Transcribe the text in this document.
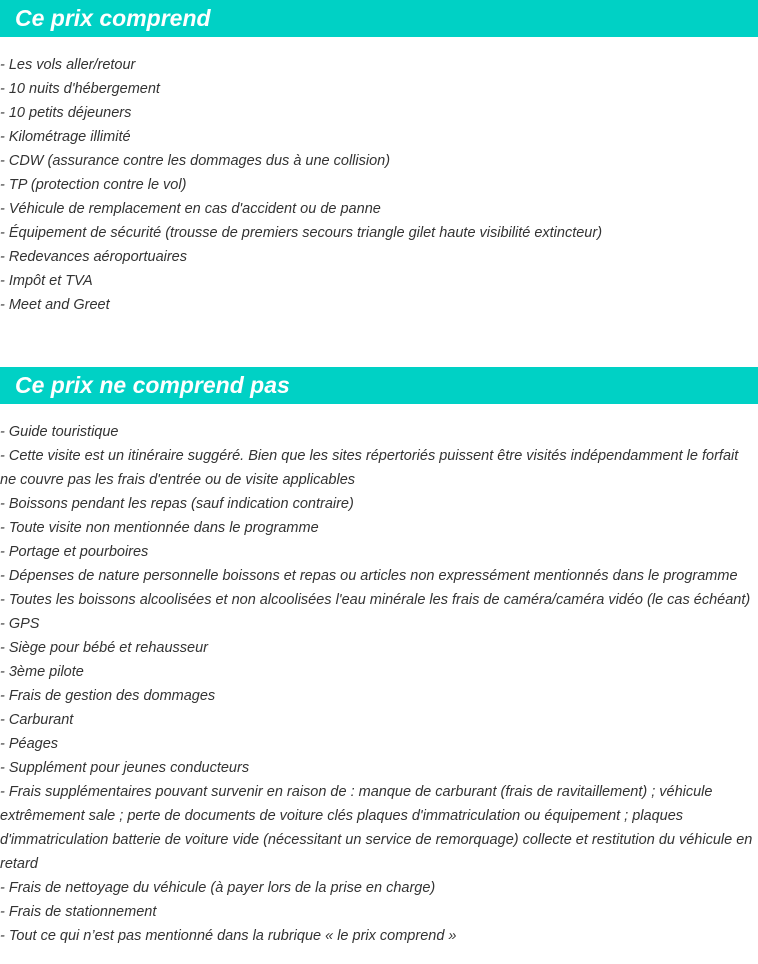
Ce prix comprend
- Les vols aller/retour
- 10 nuits d'hébergement
- 10 petits déjeuners
- Kilométrage illimité
- CDW (assurance contre les dommages dus à une collision)
- TP (protection contre le vol)
- Véhicule de remplacement en cas d'accident ou de panne
- Équipement de sécurité (trousse de premiers secours triangle gilet haute visibilité extincteur)
- Redevances aéroportuaires
- Impôt et TVA
- Meet and Greet
Ce prix ne comprend pas
- Guide touristique
- Cette visite est un itinéraire suggéré. Bien que les sites répertoriés puissent être visités indépendamment le forfait ne couvre pas les frais d'entrée ou de visite applicables
- Boissons pendant les repas (sauf indication contraire)
- Toute visite non mentionnée dans le programme
- Portage et pourboires
- Dépenses de nature personnelle boissons et repas ou articles non expressément mentionnés dans le programme
- Toutes les boissons alcoolisées et non alcoolisées l'eau minérale les frais de caméra/caméra vidéo (le cas échéant)
- GPS
- Siège pour bébé et rehausseur
- 3ème pilote
- Frais de gestion des dommages
- Carburant
- Péages
- Supplément pour jeunes conducteurs
- Frais supplémentaires pouvant survenir en raison de : manque de carburant (frais de ravitaillement) ; véhicule extrêmement sale ; perte de documents de voiture clés plaques d'immatriculation ou équipement ; plaques d'immatriculation batterie de voiture vide (nécessitant un service de remorquage) collecte et restitution du véhicule en retard
- Frais de nettoyage du véhicule (à payer lors de la prise en charge)
- Frais de stationnement
- Tout ce qui n’est pas mentionné dans la rubrique « le prix comprend »
